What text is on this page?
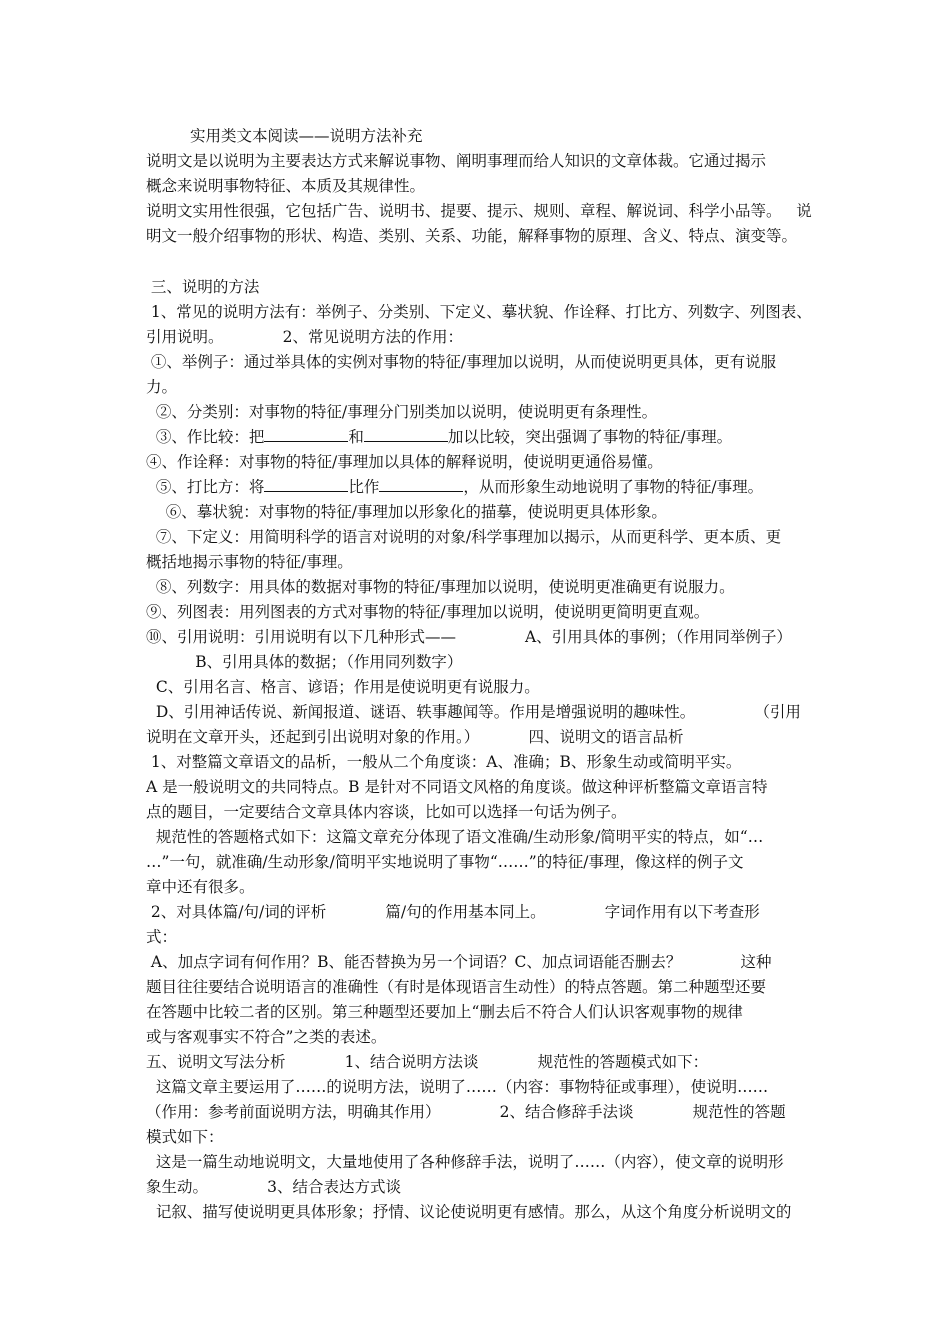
实用类文本阅读——说明方法补充
说明文是以说明为主要表达方式来解说事物、阐明事理而给人知识的文章体裁。它通过揭示
概念来说明事物特征、本质及其规律性。
说明文实用性很强，它包括广告、说明书、提要、提示、规则、章程、解说词、科学小品等。   说
明文一般介绍事物的形状、构造、类别、关系、功能，解释事物的原理、含义、特点、演变等。
三、说明的方法
1、常见的说明方法有：举例子、分类别、下定义、摹状貌、作诠释、打比方、列数字、列图表、
引用说明。            2、常见说明方法的作用：
①、举例子：通过举具体的实例对事物的特征/事理加以说明，从而使说明更具体，更有说服
力。
②、分类别：对事物的特征/事理分门别类加以说明，使说明更有条理性。
③、作比较：把	和	加以比较，突出强调了事物的特征/事理。
④、作诠释：对事物的特征/事理加以具体的解释说明，使说明更通俗易懂。
⑤、打比方：将	比作	，从而形象生动地说明了事物的特征/事理。
⑥、摹状貌：对事物的特征/事理加以形象化的描摹，使说明更具体形象。
⑦、下定义：用简明科学的语言对说明的对象/科学事理加以揭示，从而更科学、更本质、更
概括地揭示事物的特征/事理。
⑧、列数字：用具体的数据对事物的特征/事理加以说明，使说明更准确更有说服力。
⑨、列图表：用列图表的方式对事物的特征/事理加以说明，使说明更简明更直观。
⑩、引用说明：引用说明有以下几种形式——              A、引用具体的事例；（作用同举例子）
B、引用具体的数据；（作用同列数字）
C、引用名言、格言、谚语；作用是使说明更有说服力。
D、引用神话传说、新闻报道、谜语、轶事趣闻等。作用是增强说明的趣味性。            （引用
说明在文章开头，还起到引出说明对象的作用。）          四、说明文的语言品析
1、对整篇文章语文的品析，一般从二个角度谈：A、准确；B、形象生动或简明平实。
A 是一般说明文的共同特点。B 是针对不同语文风格的角度谈。做这种评析整篇文章语言特
点的题目，一定要结合文章具体内容谈，比如可以选择一句话为例子。
规范性的答题格式如下：这篇文章充分体现了语文准确/生动形象/简明平实的特点，如“…
…”一句，就准确/生动形象/简明平实地说明了事物“……”的特征/事理，像这样的例子文
章中还有很多。
2、对具体篇/句/词的评析            篇/句的作用基本同上。            字词作用有以下考查形
式：
A、加点字词有何作用？B、能否替换为另一个词语？C、加点词语能否删去？            这种
题目往往要结合说明语言的准确性（有时是体现语言生动性）的特点答题。第二种题型还要
在答题中比较二者的区别。第三种题型还要加上“删去后不符合人们认识客观事物的规律
或与客观事实不符合”之类的表述。
五、说明文写法分析            1、结合说明方法谈            规范性的答题模式如下：
这篇文章主要运用了……的说明方法，说明了……（内容：事物特征或事理），使说明……
（作用：参考前面说明方法，明确其作用）            2、结合修辞手法谈            规范性的答题
模式如下：
这是一篇生动地说明文，大量地使用了各种修辞手法，说明了……（内容），使文章的说明形
象生动。            3、结合表达方式谈
记叙、描写使说明更具体形象；抒情、议论使说明更有感情。那么，从这个角度分析说明文的
